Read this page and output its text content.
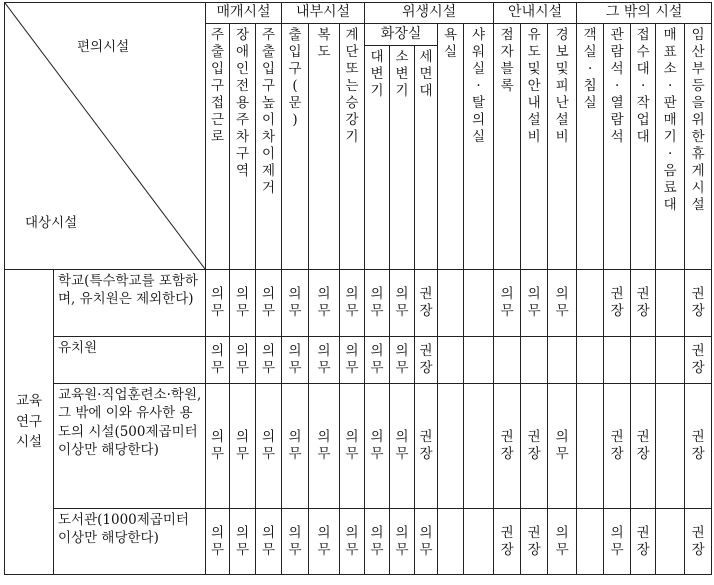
편의시설
대상시설		매개시설			내부시설			위생시설					안내시설			그 밖의 시설				

		주출입구접근로	장애인전용주차구역	주출입구높이차이제거	출입구(문)	복도	계단또는승강기	화장실			욕실	샤워실·탈의실	점자블록	유도및안내설비	경보및피난설비	객실·침실	관람석·열람석	접수대·작업대	매표소·판매기·음료대	임산부등을위한휴게시설

								대변기	소변기	세면대										

교육연구시설	학교(특수학교를 포함하며, 유치원은 제외한다)	의무	의무	의무	의무	의무	의무	의무	의무	권장			의무	의무	의무		권장	권장		권장

	유치원	의무	의무	의무	의무	의무	의무	의무	의무	권장										권장

	교육원·직업훈련소·학원, 그 밖에 이와 유사한 용도의 시설(500제곱미터 이상만 해당한다)	의무	의무	의무	의무	의무	의무	의무	의무	권장			권장	권장	의무		권장	권장		권장

	도서관(1000제곱미터 이상만 해당한다)	의무	의무	의무	의무	의무	의무	의무	의무	의무			권장	권장	의무		의무	권장		권장
